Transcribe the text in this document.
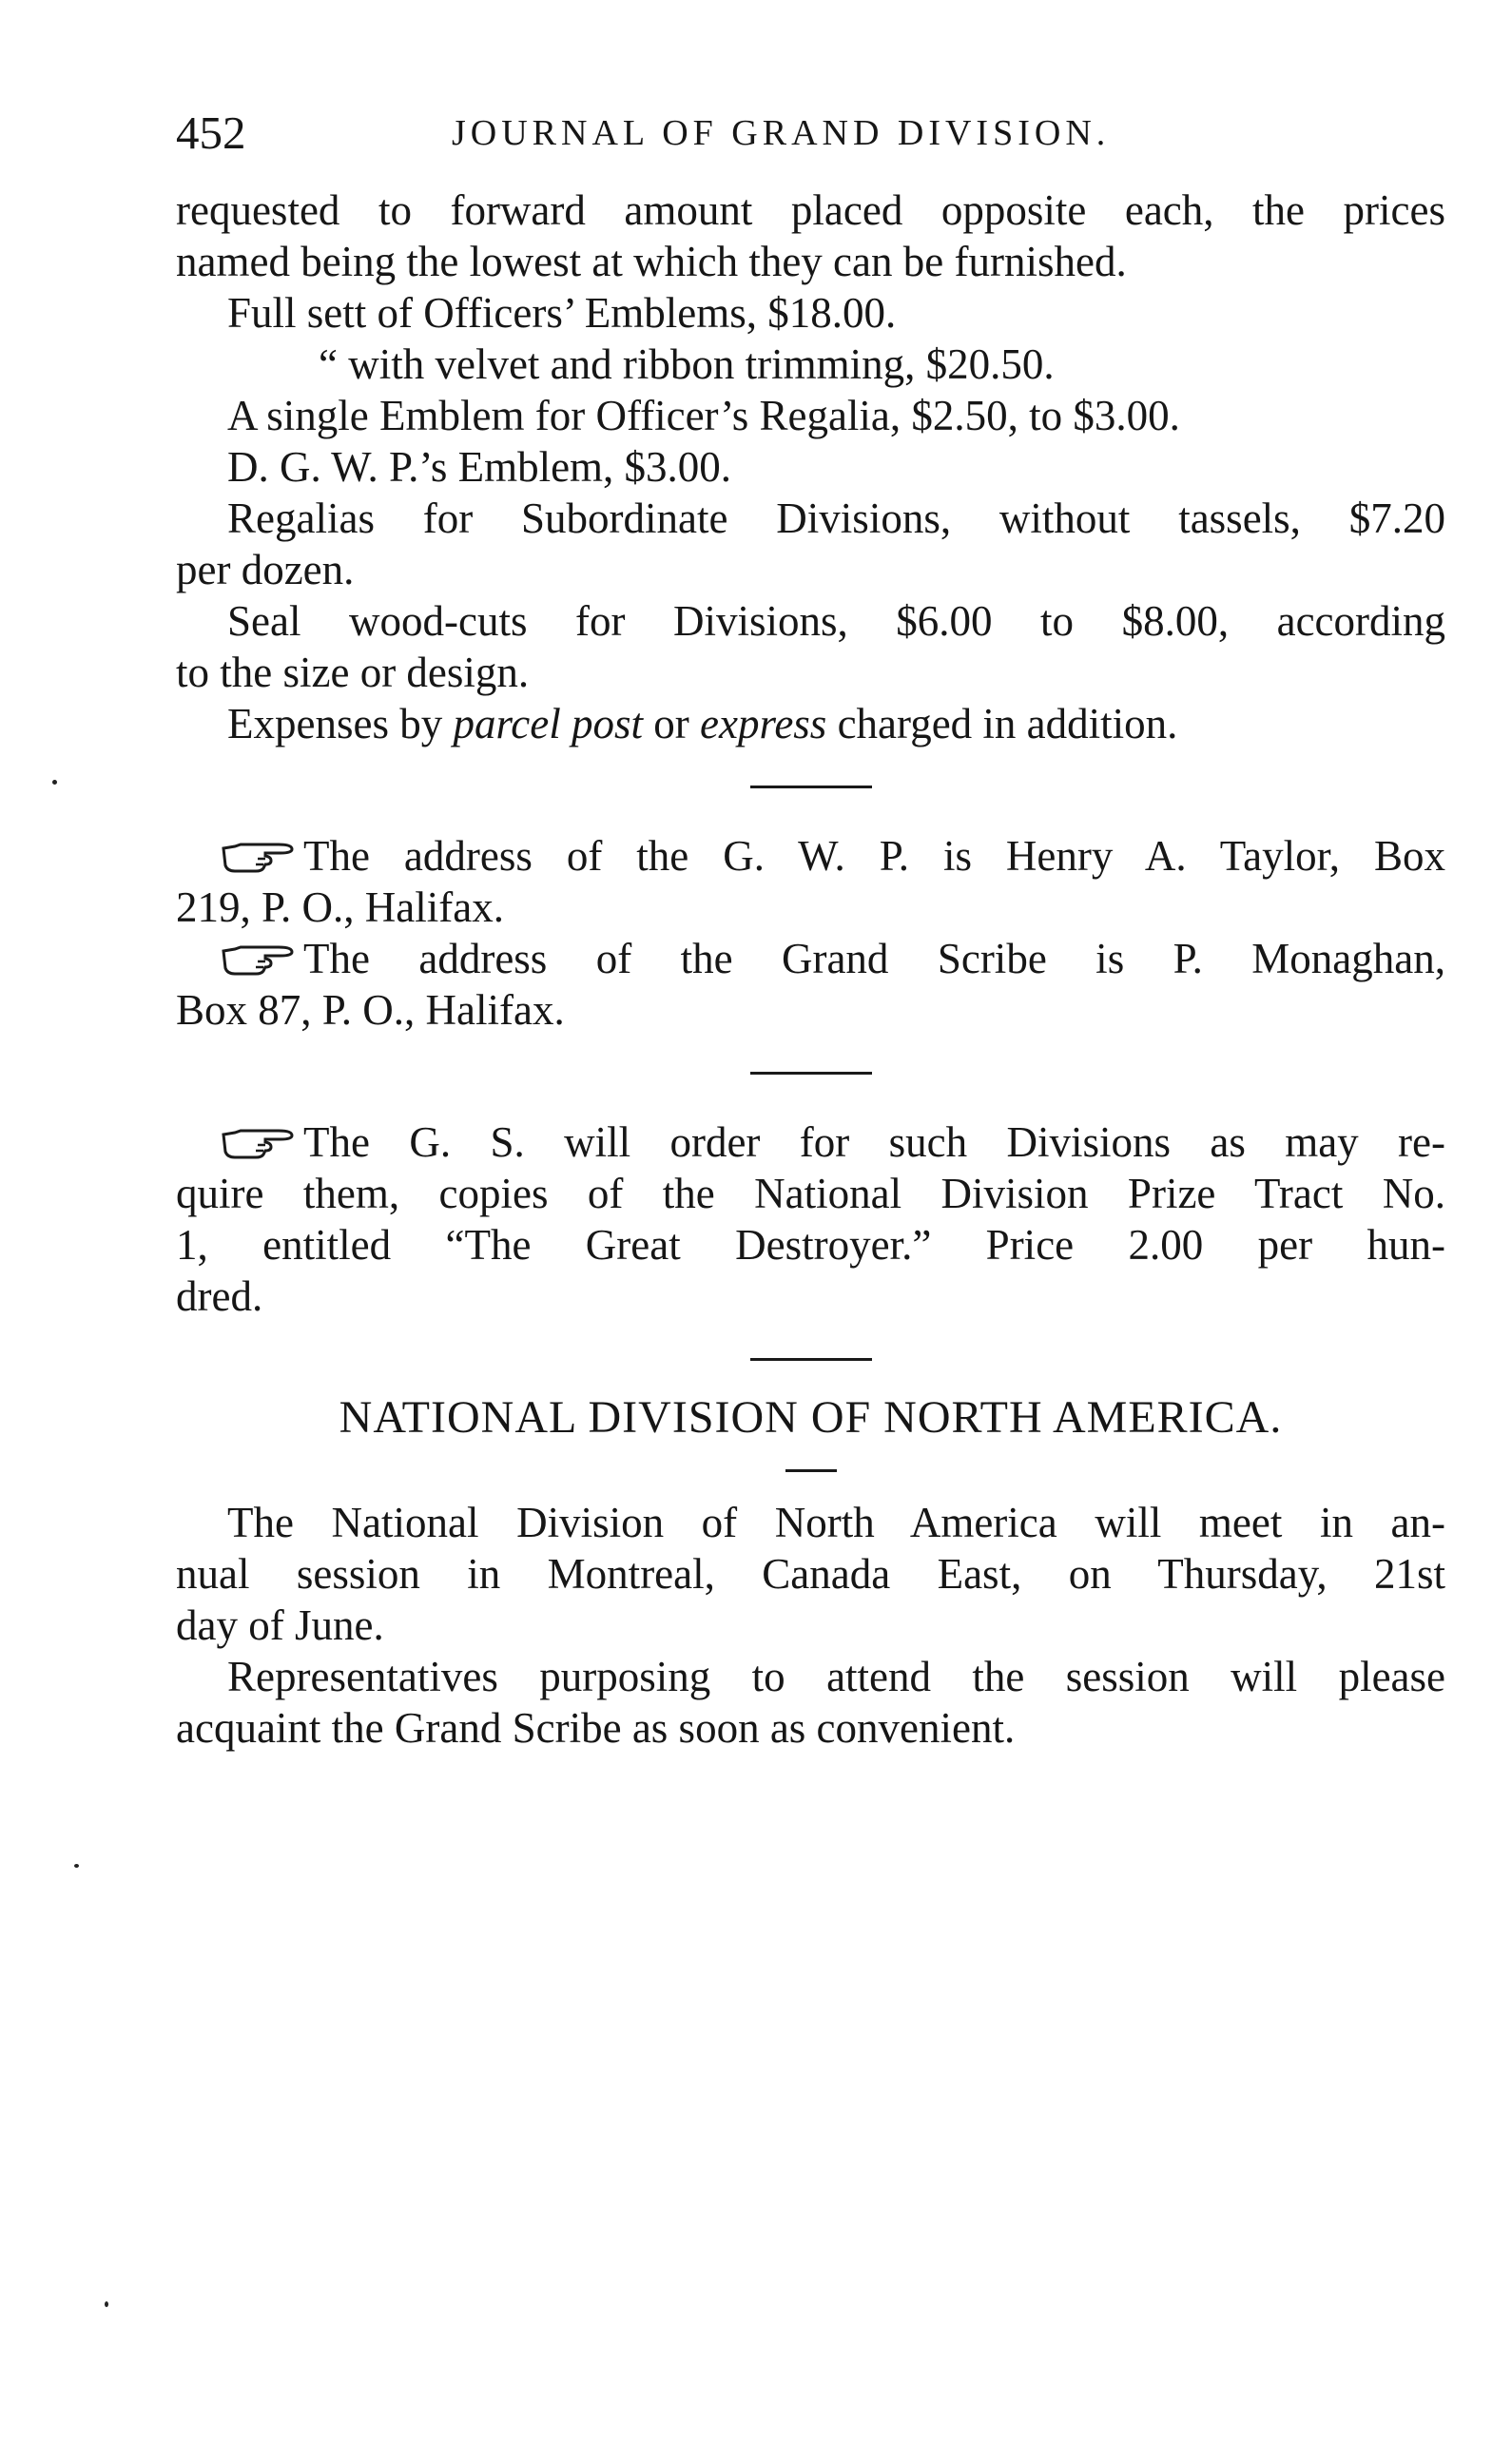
452	JOURNAL OF GRAND DIVISION.
requested to forward amount placed opposite each, the prices
named being the lowest at which they can be furnished.
Full sett of Officers’ Emblems, $18.00.
“ with velvet and ribbon trimming, $20.50.
A single Emblem for Officer’s Regalia, $2.50, to $3.00.
D. G. W. P.’s Emblem, $3.00.
Regalias for Subordinate Divisions, without tassels, $7.20
per dozen.
Seal wood-cuts for Divisions, $6.00 to $8.00, according
to the size or design.
Expenses by parcel post or express charged in addition.
The address of the G. W. P. is Henry A. Taylor, Box
219, P. O., Halifax.
The address of the Grand Scribe is P. Monaghan,
Box 87, P. O., Halifax.
The G. S. will order for such Divisions as may re-
quire them, copies of the National Division Prize Tract No.
1, entitled “The Great Destroyer.” Price 2.00 per hun-
dred.
NATIONAL DIVISION OF NORTH AMERICA.
The National Division of North America will meet in an-
nual session in Montreal, Canada East, on Thursday, 21st
day of June.
Representatives purposing to attend the session will please
acquaint the Grand Scribe as soon as convenient.
